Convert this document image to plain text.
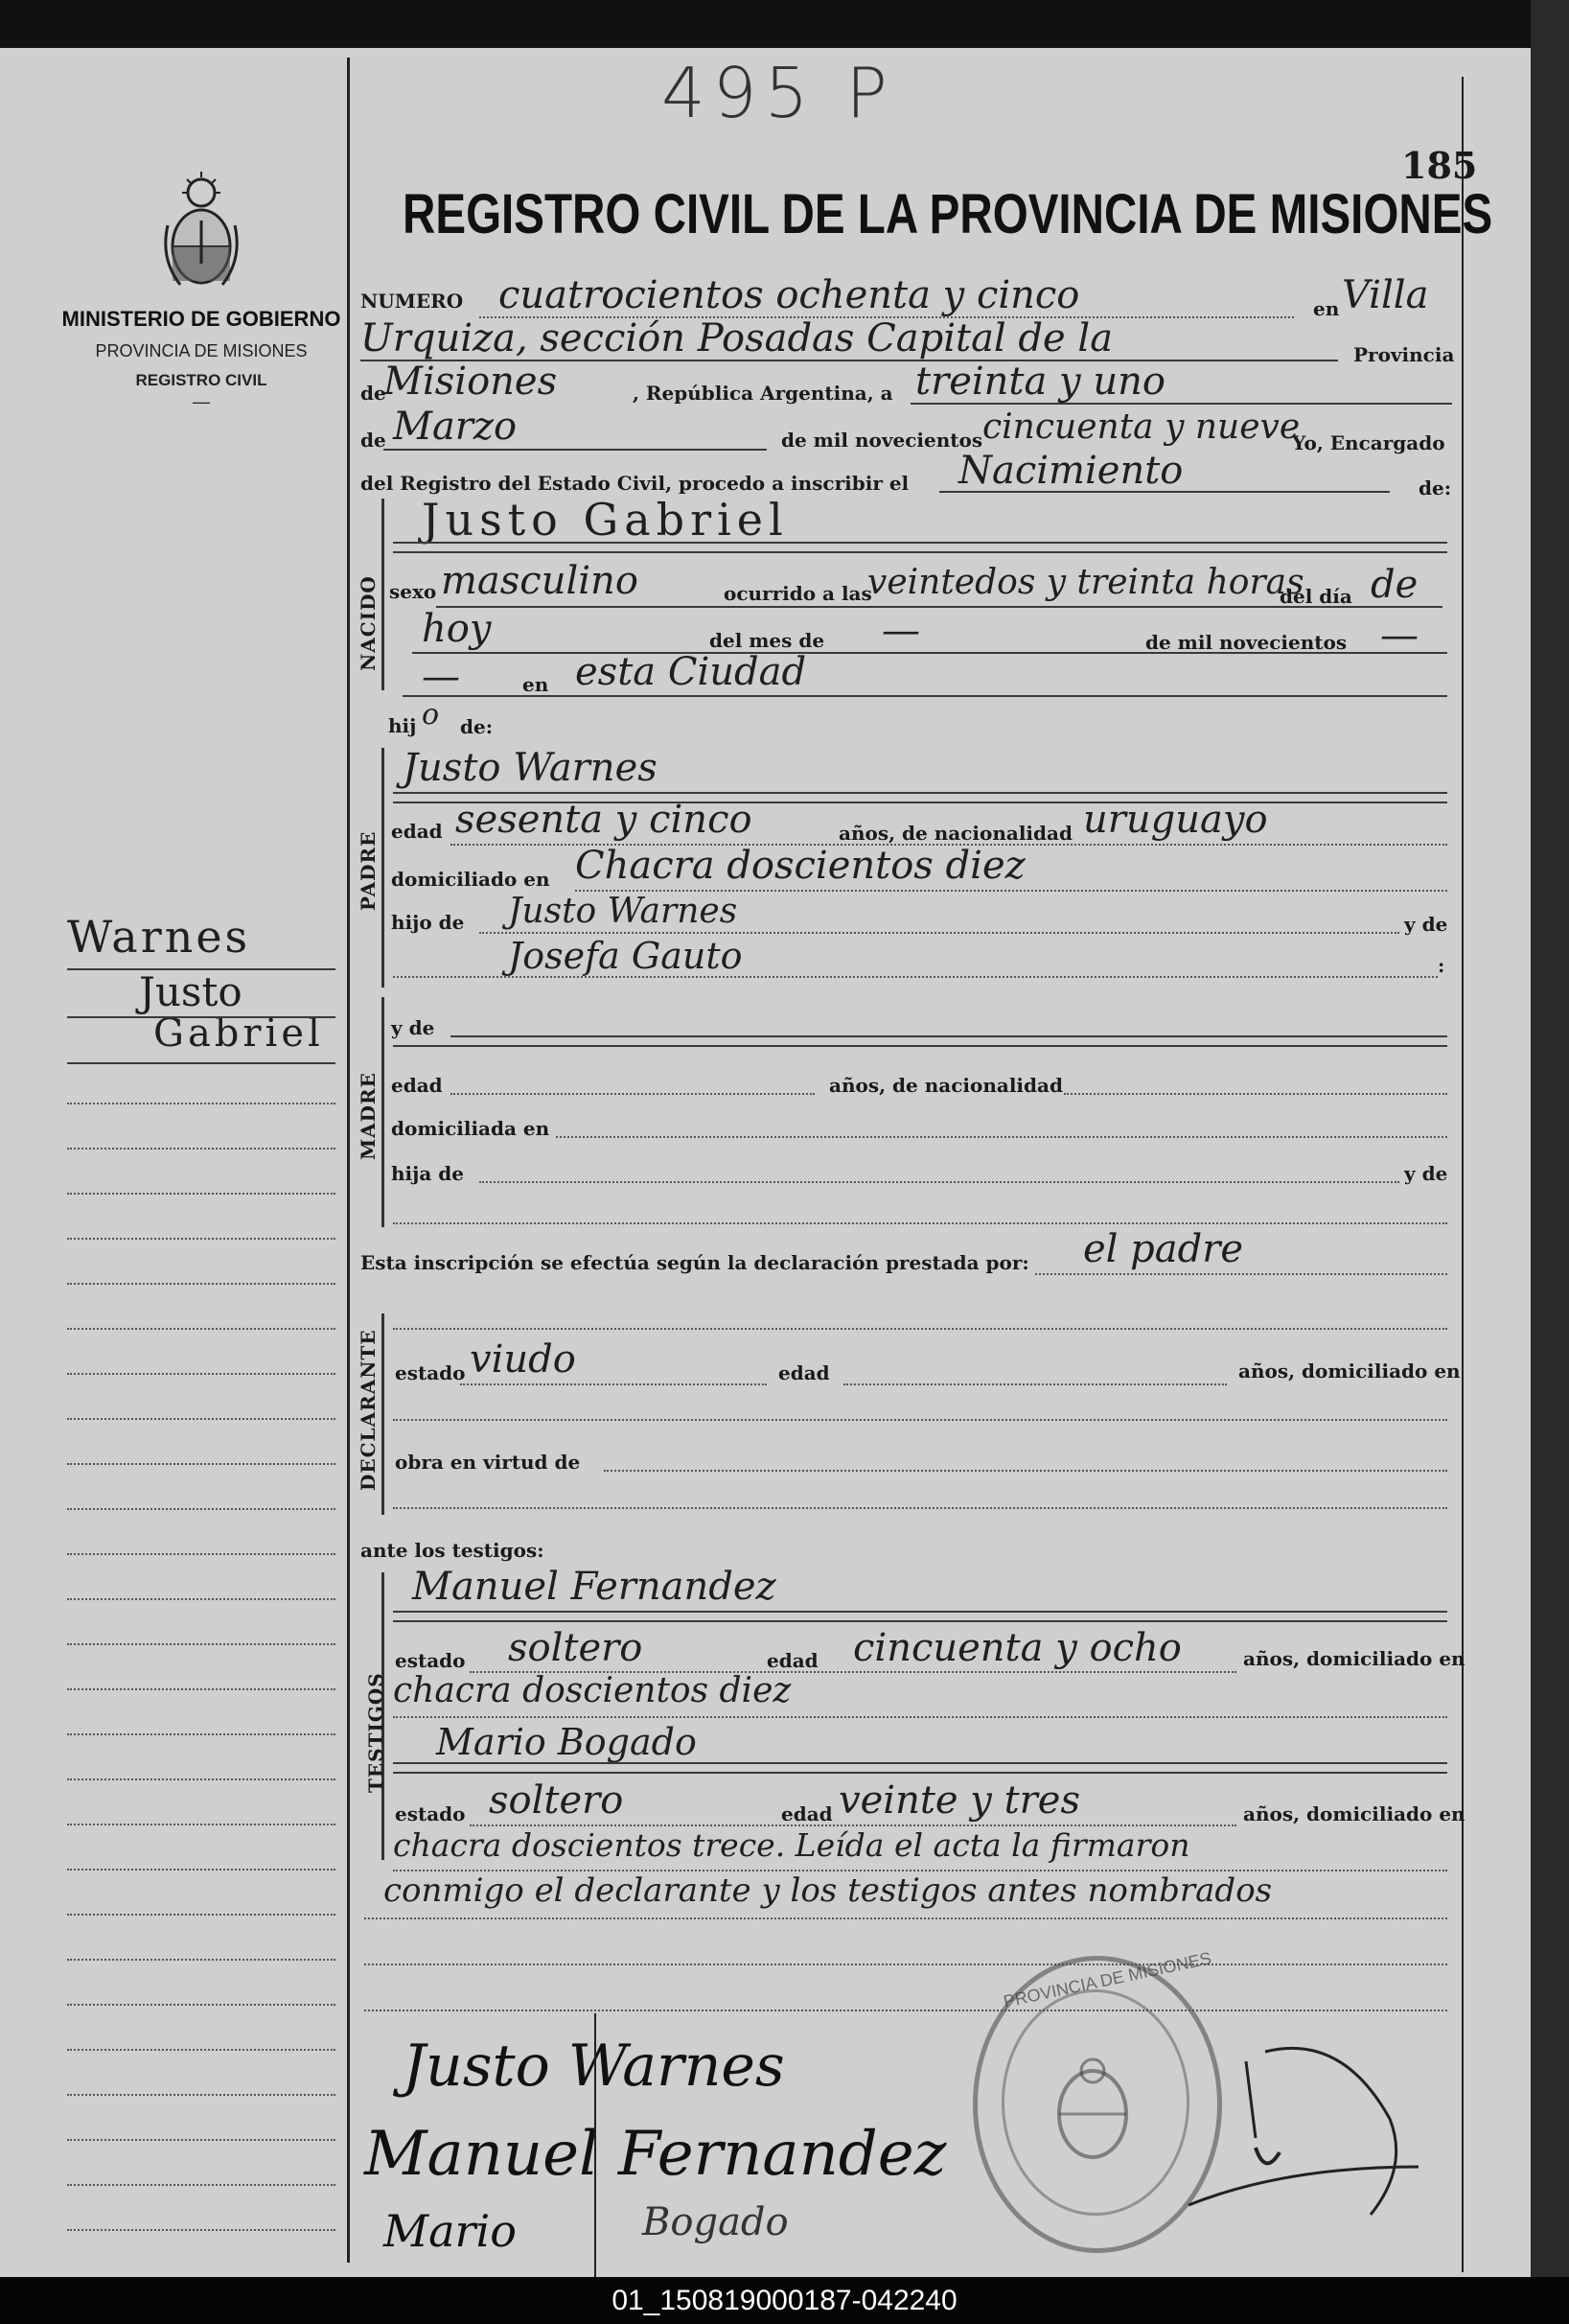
495 P
185
MINISTERIO DE GOBIERNO
PROVINCIA DE MISIONES
REGISTRO CIVIL
—
REGISTRO CIVIL DE LA PROVINCIA DE MISIONES
Warnes
Justo
Gabriel
NUMERO cuatrocientos ochenta y cinco	en Villa
Urquiza, sección Posadas Capital de la	Provincia
de
Misiones	, República Argentina, a treinta y uno
de Marzo	de mil novecientos cincuenta y nueve
Yo, Encargado
del Registro del Estado Civil, procedo a inscribir el Nacimiento	de:
NACIDO
Justo Gabriel
sexo masculino	ocurrido a las
veintedos y treinta horas
del día de
hoy	del mes de —	de mil novecientos —
—	en esta Ciudad
hij o de:
PADRE
Justo Warnes
edad sesenta y cinco	años, de nacionalidad uruguayo
domiciliado en Chacra doscientos diez
hijo de Justo Warnes	y de
Josefa Gauto	:
MADRE
y de
edad	años, de nacionalidad
domiciliada en
hija de	y de
Esta inscripción se efectúa según la declaración prestada por: el padre
DECLARANTE estado viudo	edad	años, domiciliado en
obra en virtud de
ante los testigos:
TESTIGOS
Manuel Fernandez
estado soltero	edad cincuenta y ocho	años, domiciliado en
chacra doscientos diez
Mario Bogado
estado soltero	edad veinte y tres	años, domiciliado en
chacra doscientos trece. Leída el acta la firmaron
conmigo el declarante y los testigos antes nombrados
PROVINCIA DE MISIONES
Justo Warnes
Manuel Fernandez
Mario	Bogado
01_150819000187-042240
